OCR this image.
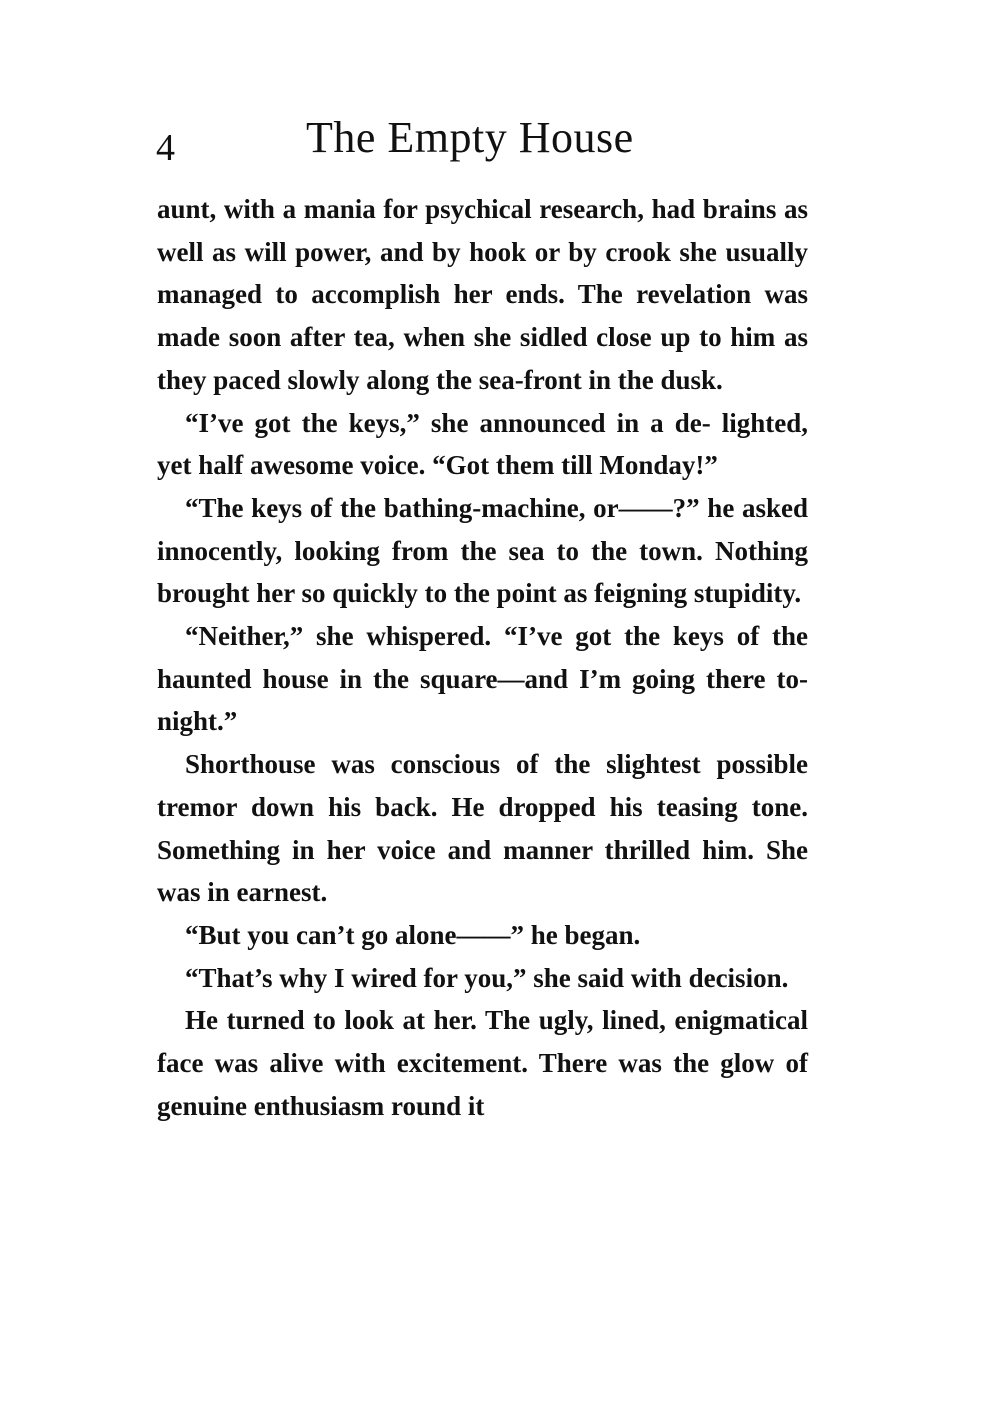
4	The Empty House

aunt, with a mania for psychical research, had brains as well as will power, and by hook or by crook she usually managed to accomplish her ends. The revelation was made soon after tea, when she sidled close up to him as they paced slowly along the sea-front in the dusk.

“I’ve got the keys,” she announced in a de- lighted, yet half awesome voice. “Got them till Monday!”

“The keys of the bathing-machine, or——?” he asked innocently, looking from the sea to the town. Nothing brought her so quickly to the point as feigning stupidity.

“Neither,” she whispered. “I’ve got the keys of the haunted house in the square—and I’m going there to-night.”

Shorthouse was conscious of the slightest possible tremor down his back. He dropped his teasing tone. Something in her voice and manner thrilled him. She was in earnest.

“But you can’t go alone——” he began.

“That’s why I wired for you,” she said with decision.

He turned to look at her. The ugly, lined, enigmatical face was alive with excitement. There was the glow of genuine enthusiasm round it
